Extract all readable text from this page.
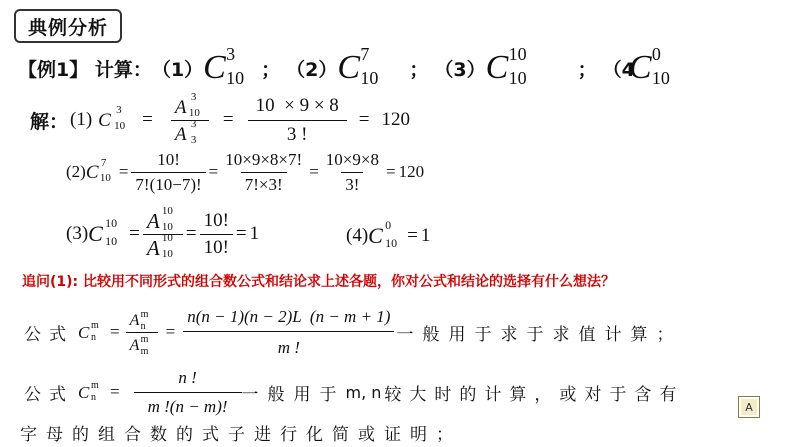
典例分析
【例1】 计算： （1） C 3
10 ； （2） C 7
10 ； （3） C 10
10	； （4
C 0
10
解： (1) C 3
10 = A 3
10
A 3
$3 = \frac{10 \times 9 \times 8}{3 !} = 120$
(2) C 7
$10 = \frac{10!}{7!(10-7)!} = \frac{10\times 9\times 8\times 7!}{7!\times 3!} = \frac{10\times 9\times 8}{3!} = 120$
(3) C 10
10 = A 10
10
A 10
$10 = \frac{10!}{10!} = 1$	(4) C 0
10 = 1
追问(1): 比较用不同形式的组合数公式和结论求上述各题，你对公式和结论的选择有什么想法？
公式 C m
n = A m
n
A m
$m = \frac{n(n - 1)(n - 2)L (n - m + 1)}{m !}$ 一般用于求于求值计算；
公式 C m
$n = \frac{n !}{m !(n - m)!}$ 一般用于 m, n 较大时的计算，或对于含有
字母的组合数的式子进行化简或证明；
A
